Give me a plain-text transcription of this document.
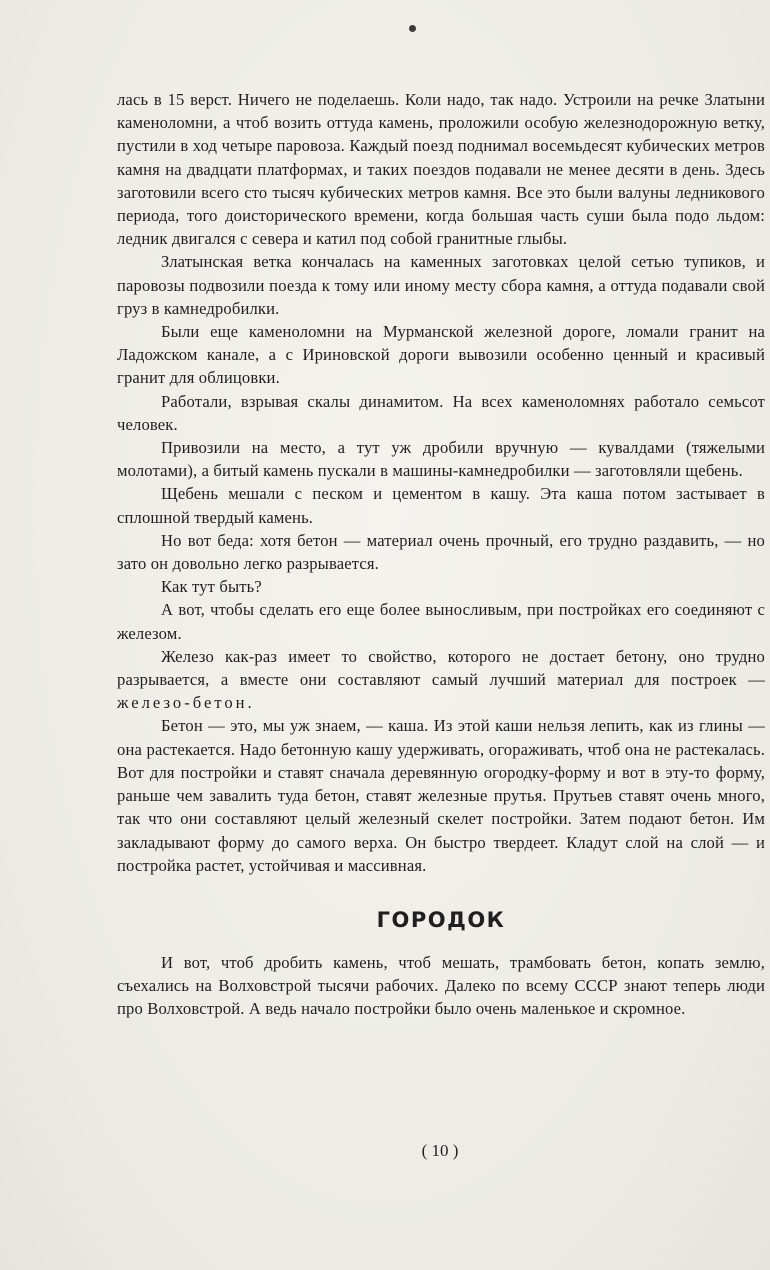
лась в 15 верст. Ничего не поделаешь. Коли надо, так надо. Устроили на речке Златыни каменоломни, а чтоб возить оттуда камень, проложили особую железнодорожную ветку, пустили в ход четыре паровоза. Каждый поезд поднимал восемьдесят кубических метров камня на двадцати платформах, и таких поездов подавали не менее десяти в день. Здесь заготовили всего сто тысяч кубических метров камня. Все это были валуны ледникового периода, того доисторического времени, когда большая часть суши была подо льдом: ледник двигался с севера и катил под собой гранитные глыбы.

Златынская ветка кончалась на каменных заготовках целой сетью тупиков, и паровозы подвозили поезда к тому или иному месту сбора камня, а оттуда подавали свой груз в камнедробилки.

Были еще каменоломни на Мурманской железной дороге, ломали гранит на Ладожском канале, а с Ириновской дороги вывозили особенно ценный и красивый гранит для облицовки.

Работали, взрывая скалы динамитом. На всех каменоломнях работало семьсот человек.

Привозили на место, а тут уж дробили вручную — кувалдами (тяжелыми молотами), а битый камень пускали в машины-камнедробилки — заготовляли щебень.

Щебень мешали с песком и цементом в кашу. Эта каша потом застывает в сплошной твердый камень.

Но вот беда: хотя бетон — материал очень прочный, его трудно раздавить, — но зато он довольно легко разрывается.

Как тут быть?

А вот, чтобы сделать его еще более выносливым, при постройках его соединяют с железом.

Железо как-раз имеет то свойство, которого не достает бетону, оно трудно разрывается, а вместе они составляют самый лучший материал для построек — железо-бетон.

Бетон — это, мы уж знаем, — каша. Из этой каши нельзя лепить, как из глины — она растекается. Надо бетонную кашу удерживать, огораживать, чтоб она не растекалась. Вот для постройки и ставят сначала деревянную огородку-форму и вот в эту-то форму, раньше чем завалить туда бетон, ставят железные прутья. Прутьев ставят очень много, так что они составляют целый железный скелет постройки. Затем подают бетон. Им закладывают форму до самого верха. Он быстро твердеет. Кладут слой на слой — и постройка растет, устойчивая и массивная.

ГОРОДОК

И вот, чтоб дробить камень, чтоб мешать, трамбовать бетон, копать землю, съехались на Волховстрой тысячи рабочих. Далеко по всему СССР знают теперь люди про Волховстрой. А ведь начало постройки было очень маленькое и скромное.

( 10 )
